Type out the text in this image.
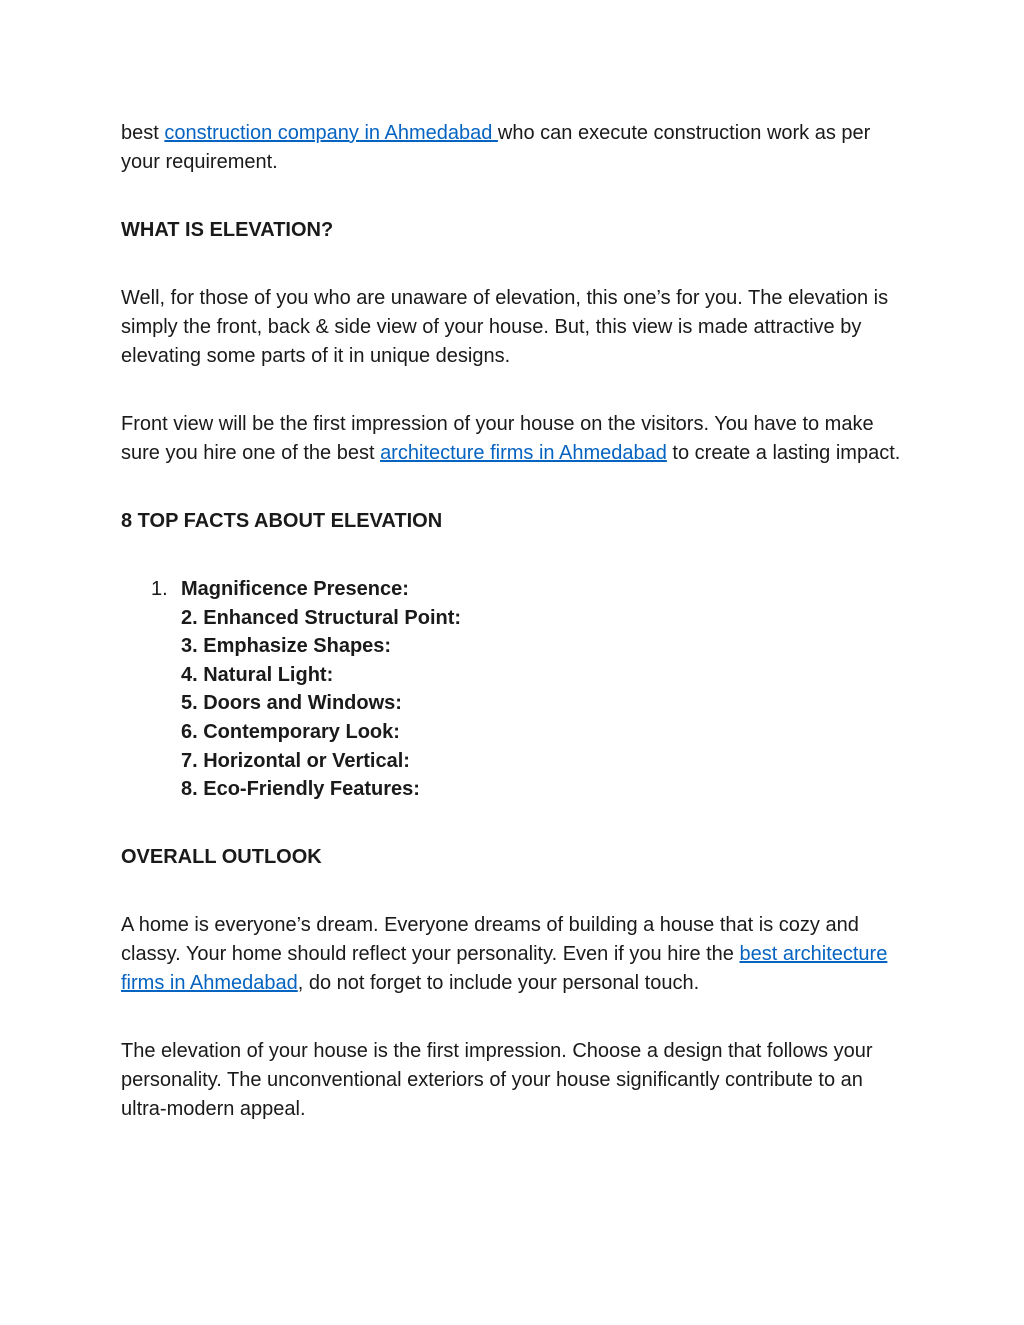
best construction company in Ahmedabad who can execute construction work as per your requirement.

WHAT IS ELEVATION?

Well, for those of you who are unaware of elevation, this one’s for you. The elevation is simply the front, back & side view of your house. But, this view is made attractive by elevating some parts of it in unique designs.

Front view will be the first impression of your house on the visitors. You have to make sure you hire one of the best architecture firms in Ahmedabad to create a lasting impact.

8 TOP FACTS ABOUT ELEVATION

1. Magnificence Presence:
2. Enhanced Structural Point:
3. Emphasize Shapes:
4. Natural Light:
5. Doors and Windows:
6. Contemporary Look:
7. Horizontal or Vertical:
8. Eco-Friendly Features:

OVERALL OUTLOOK

A home is everyone’s dream. Everyone dreams of building a house that is cozy and classy. Your home should reflect your personality. Even if you hire the best architecture firms in Ahmedabad, do not forget to include your personal touch.

The elevation of your house is the first impression. Choose a design that follows your personality. The unconventional exteriors of your house significantly contribute to an ultra-modern appeal.
